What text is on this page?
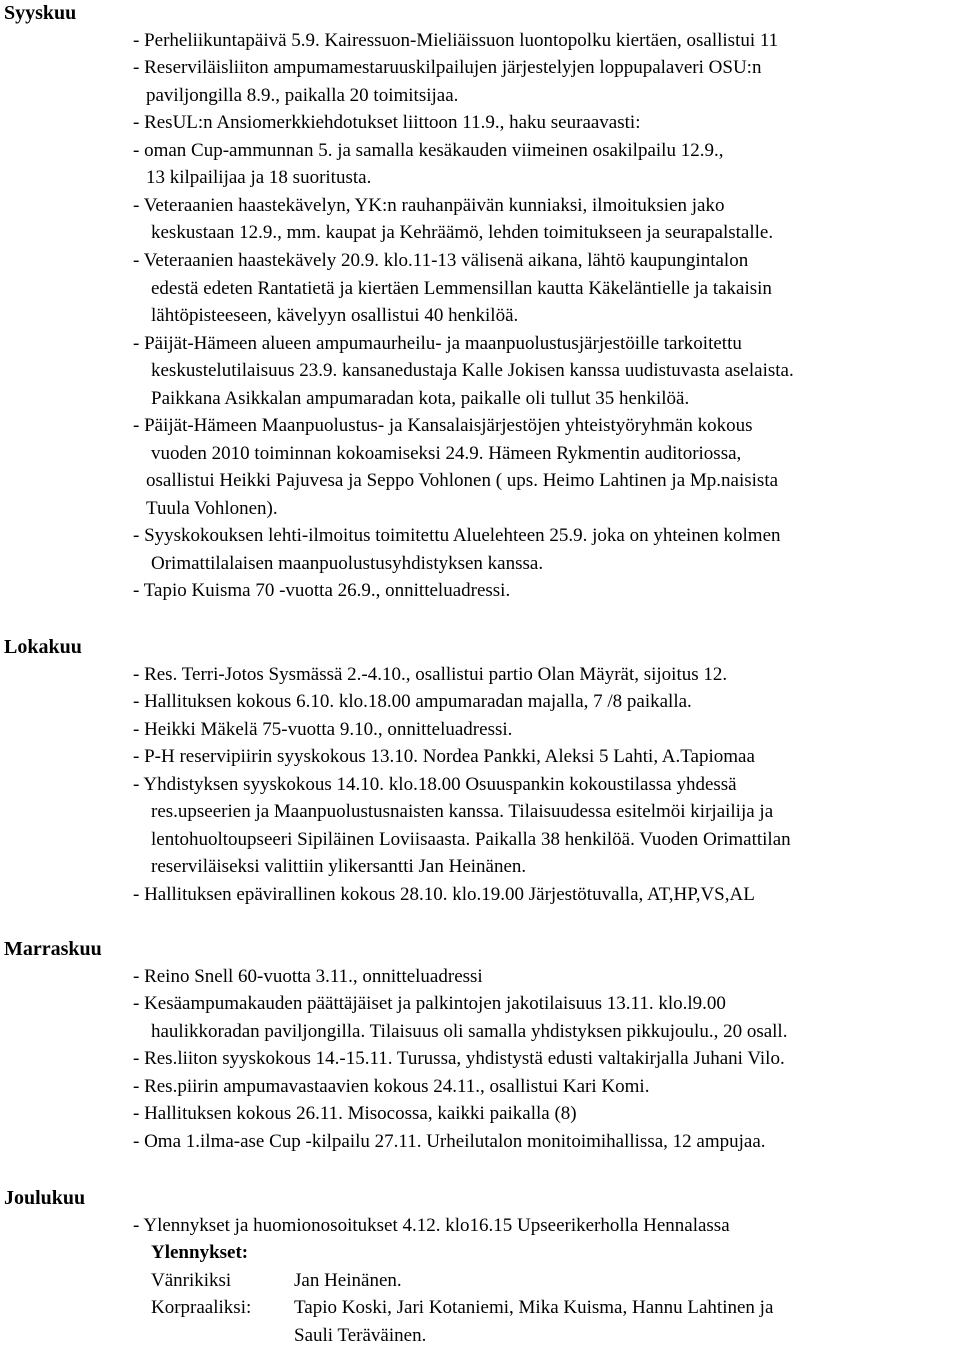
Syyskuu
- Perheliikuntapäivä 5.9. Kairessuon-Mieliäissuon luontopolku kiertäen, osallistui 11
- Reserviläisliiton ampumamestaruuskilpailujen järjestelyjen loppupalaveri OSU:n
paviljongilla 8.9., paikalla 20 toimitsijaa.
- ResUL:n Ansiomerkkiehdotukset liittoon 11.9., haku seuraavasti:
- oman Cup-ammunnan 5. ja samalla kesäkauden viimeinen osakilpailu 12.9.,
13 kilpailijaa ja 18 suoritusta.
- Veteraanien haastekävelyn, YK:n rauhanpäivän kunniaksi, ilmoituksien jako
keskustaan 12.9., mm. kaupat ja Kehräämö, lehden toimitukseen ja seurapalstalle.
- Veteraanien haastekävely 20.9. klo.11-13 välisenä aikana, lähtö kaupungintalon
edestä edeten Rantatietä ja kiertäen Lemmensillan kautta Käkeläntielle ja takaisin
lähtöpisteeseen, kävelyyn osallistui 40 henkilöä.
- Päijät-Hämeen alueen ampumaurheilu- ja maanpuolustusjärjestöille tarkoitettu
keskustelutilaisuus 23.9. kansanedustaja Kalle Jokisen kanssa uudistuvasta aselaista.
Paikkana Asikkalan ampumaradan kota, paikalle oli tullut 35 henkilöä.
- Päijät-Hämeen Maanpuolustus- ja Kansalaisjärjestöjen yhteistyöryhmän kokous
vuoden 2010 toiminnan kokoamiseksi 24.9. Hämeen Rykmentin auditoriossa,
osallistui Heikki Pajuvesa ja Seppo Vohlonen ( ups. Heimo Lahtinen ja Mp.naisista
Tuula Vohlonen).
- Syyskokouksen lehti-ilmoitus toimitettu Aluelehteen 25.9. joka on yhteinen kolmen
Orimattilalaisen maanpuolustusyhdistyksen kanssa.
- Tapio Kuisma 70 -vuotta 26.9., onnitteluadressi.
Lokakuu
- Res. Terri-Jotos Sysmässä 2.-4.10., osallistui partio Olan Mäyrät, sijoitus 12.
- Hallituksen kokous 6.10. klo.18.00 ampumaradan majalla, 7 /8 paikalla.
- Heikki Mäkelä 75-vuotta 9.10., onnitteluadressi.
- P-H reservipiirin syyskokous 13.10. Nordea Pankki, Aleksi 5 Lahti, A.Tapiomaa
- Yhdistyksen syyskokous 14.10. klo.18.00 Osuuspankin kokoustilassa yhdessä
res.upseerien ja Maanpuolustusnaisten kanssa. Tilaisuudessa esitelmöi kirjailija ja
lentohuoltoupseeri Sipiläinen Loviisaasta. Paikalla 38 henkilöä. Vuoden Orimattilan
reserviläiseksi valittiin ylikersantti Jan Heinänen.
- Hallituksen epävirallinen kokous 28.10. klo.19.00 Järjestötuvalla, AT,HP,VS,AL
Marraskuu
- Reino Snell 60-vuotta 3.11., onnitteluadressi
- Kesäampumakauden päättäjäiset ja palkintojen jakotilaisuus 13.11. klo.l9.00
haulikkoradan paviljongilla. Tilaisuus oli samalla yhdistyksen pikkujoulu., 20 osall.
- Res.liiton syyskokous 14.-15.11. Turussa, yhdistystä edusti valtakirjalla Juhani Vilo.
- Res.piirin ampumavastaavien kokous 24.11., osallistui Kari Komi.
- Hallituksen kokous 26.11. Misocossa, kaikki paikalla (8)
- Oma 1.ilma-ase Cup -kilpailu 27.11. Urheilutalon monitoimihallissa, 12 ampujaa.
Joulukuu
- Ylennykset ja huomionosoitukset 4.12. klo16.15 Upseerikerholla Hennalassa
Ylennykset:
Vänrikiksi	Jan Heinänen.
Korpraaliksi: Tapio Koski, Jari Kotaniemi, Mika Kuisma, Hannu Lahtinen ja
Sauli Teräväinen.
